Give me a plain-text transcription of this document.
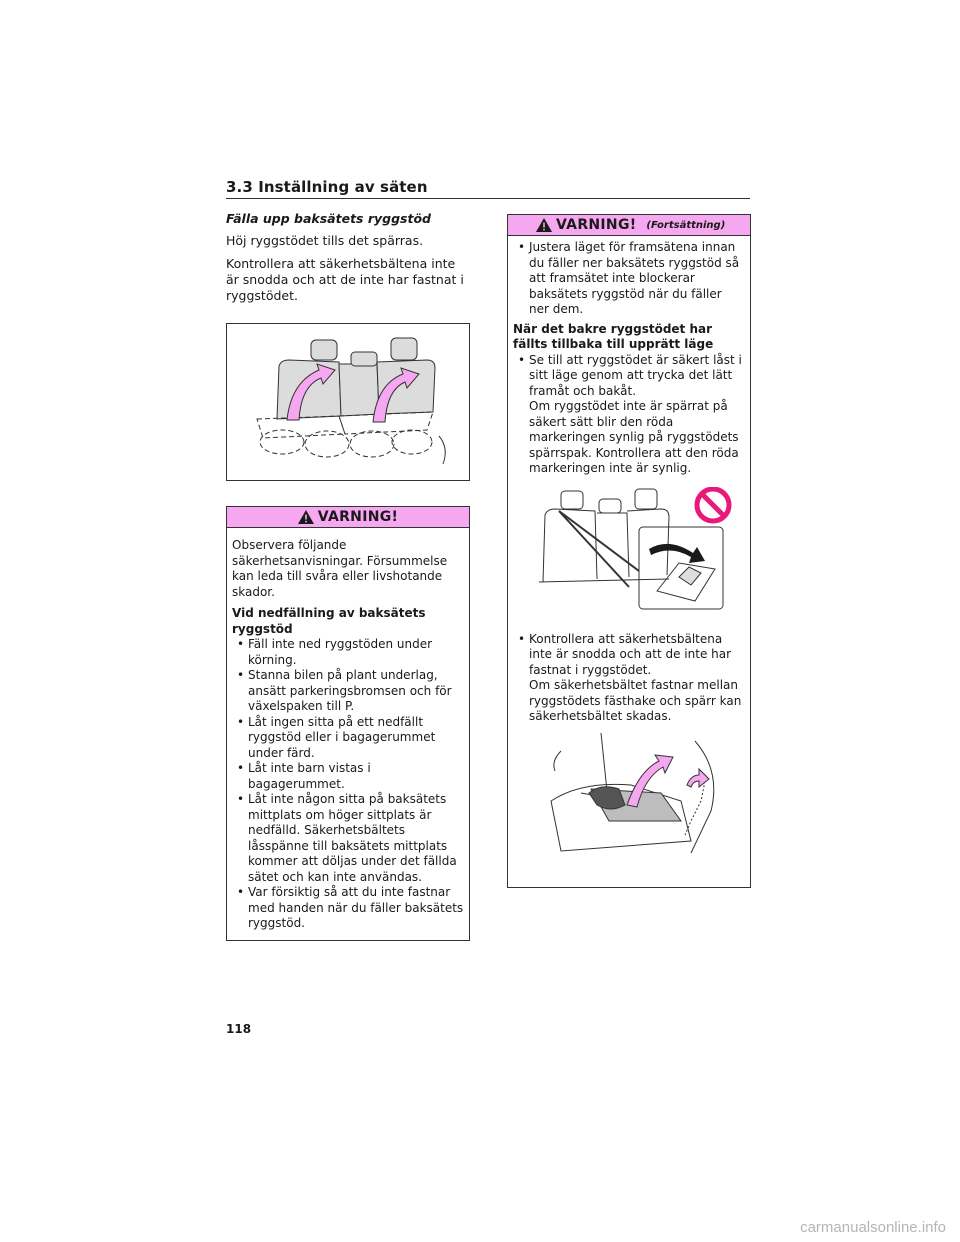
3.3 Inställning av säten
Fälla upp baksätets ryggstöd

Höj ryggstödet tills det spärras.

Kontrollera att säkerhetsbältena inte är snodda och att de inte har fastnat i ryggstödet.

VARNING!

Observera följande säkerhetsanvisningar. Försummelse kan leda till svåra eller livshotande skador.

Vid nedfällning av baksätets ryggstöd
• Fäll inte ned ryggstöden under körning.
• Stanna bilen på plant underlag, ansätt parkeringsbromsen och för växelspaken till P.
• Låt ingen sitta på ett nedfällt ryggstöd eller i bagagerummet under färd.
• Låt inte barn vistas i bagagerummet.
• Låt inte någon sitta på baksätets mittplats om höger sittplats är nedfälld. Säkerhetsbältets låsspänne till baksätets mittplats kommer att döljas under det fällda sätet och kan inte användas.
• Var försiktig så att du inte fastnar med handen när du fäller baksätets ryggstöd.
VARNING! (Fortsättning)
• Justera läget för framsätena innan du fäller ner baksätets ryggstöd så att framsätet inte blockerar baksätets ryggstöd när du fäller ner dem.
När det bakre ryggstödet har fällts tillbaka till upprätt läge
• Se till att ryggstödet är säkert låst i sitt läge genom att trycka det lätt framåt och bakåt.
Om ryggstödet inte är spärrat på säkert sätt blir den röda markeringen synlig på ryggstödets spärrspak. Kontrollera att den röda markeringen inte är synlig.
• Kontrollera att säkerhetsbältena inte är snodda och att de inte har fastnat i ryggstödet.
Om säkerhetsbältet fastnar mellan ryggstödets fästhake och spärr kan säkerhetsbältet skadas.
118
carmanualsonline.info
